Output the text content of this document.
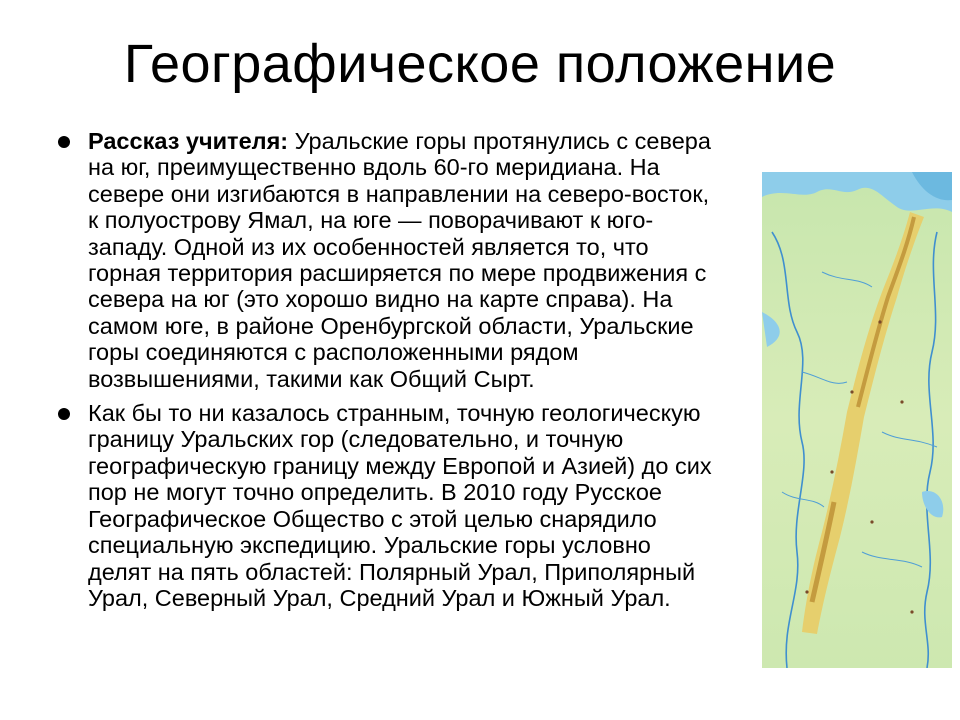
Географическое положение
Рассказ учителя: Уральские горы протянулись с севера на юг, преимущественно вдоль 60-го меридиана. На севере они изгибаются в направлении на северо-восток, к полуострову Ямал, на юге — поворачивают к юго-западу. Одной из их особенностей является то, что горная территория расширяется по мере продвижения с севера на юг (это хорошо видно на карте справа). На самом юге, в районе Оренбургской области, Уральские горы соединяются с расположенными рядом возвышениями, такими как Общий Сырт.
Как бы то ни казалось странным, точную геологическую границу Уральских гор (следовательно, и точную географическую границу между Европой и Азией) до сих пор не могут точно определить. В 2010 году Русское Географическое Общество с этой целью снарядило специальную экспедицию. Уральские горы условно делят на пять областей: Полярный Урал, Приполярный Урал, Северный Урал, Средний Урал и Южный Урал.
